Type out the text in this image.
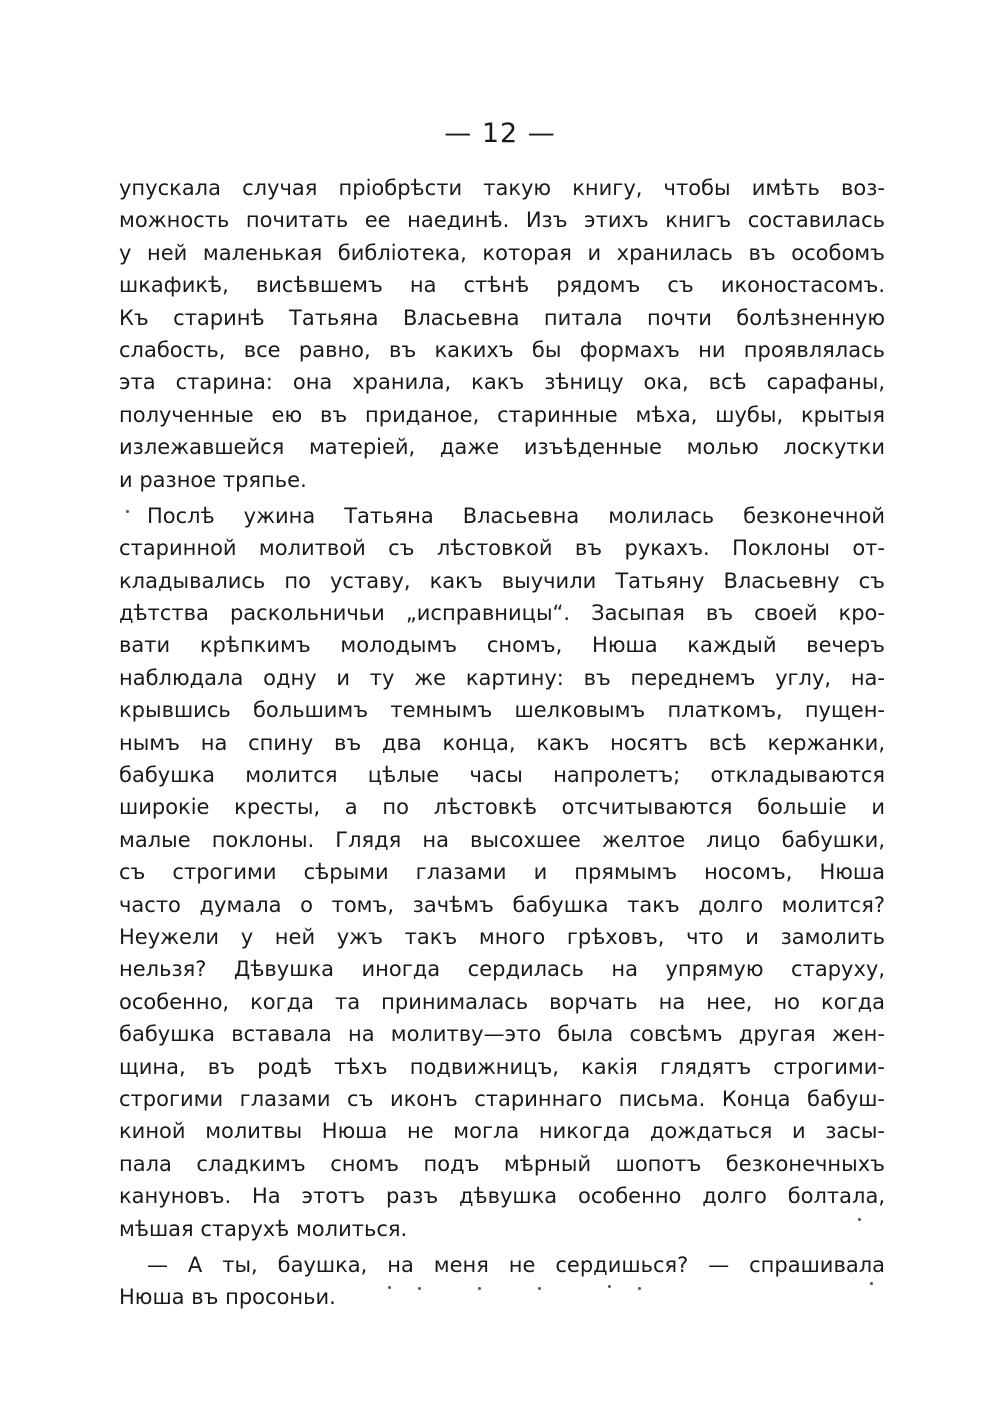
— 12 —
упускала случая пріобрѣсти такую книгу, чтобы имѣть воз-
можность почитать ее наединѣ. Изъ этихъ книгъ составилась
у ней маленькая библіотека, которая и хранилась въ особомъ
шкафикѣ, висѣвшемъ на стѣнѣ рядомъ съ иконостасомъ.
Къ старинѣ Татьяна Власьевна питала почти болѣзненную
слабость, все равно, въ какихъ бы формахъ ни проявлялась
эта старина: она хранила, какъ зѣницу ока, всѣ сарафаны,
полученные ею въ приданое, старинные мѣха, шубы, крытыя
излежавшейся матеріей, даже изъѣденные молью лоскутки
и разное тряпье.
Послѣ ужина Татьяна Власьевна молилась безконечной
старинной молитвой съ лѣстовкой въ рукахъ. Поклоны от-
кладывались по уставу, какъ выучили Татьяну Власьевну съ
дѣтства раскольничьи „исправницы“. Засыпая въ своей кро-
вати крѣпкимъ молодымъ сномъ, Нюша каждый вечеръ
наблюдала одну и ту же картину: въ переднемъ углу, на-
крывшись большимъ темнымъ шелковымъ платкомъ, пущен-
нымъ на спину въ два конца, какъ носятъ всѣ кержанки,
бабушка молится цѣлые часы напролетъ; откладываются
широкіе кресты, а по лѣстовкѣ отсчитываются большіе и
малые поклоны. Глядя на высохшее желтое лицо бабушки,
съ строгими сѣрыми глазами и прямымъ носомъ, Нюша
часто думала о томъ, зачѣмъ бабушка такъ долго молится?
Неужели у ней ужъ такъ много грѣховъ, что и замолить
нельзя? Дѣвушка иногда сердилась на упрямую старуху,
особенно, когда та принималась ворчать на нее, но когда
бабушка вставала на молитву—это была совсѣмъ другая жен-
щина, въ родѣ тѣхъ подвижницъ, какія глядятъ строгими-
строгими глазами съ иконъ стариннаго письма. Конца бабуш-
киной молитвы Нюша не могла никогда дождаться и засы-
пала сладкимъ сномъ подъ мѣрный шопотъ безконечныхъ
кануновъ. На этотъ разъ дѣвушка особенно долго болтала,
мѣшая старухѣ молиться.
— А ты, баушка, на меня не сердишься? — спрашивала
Нюша въ просоньи.
